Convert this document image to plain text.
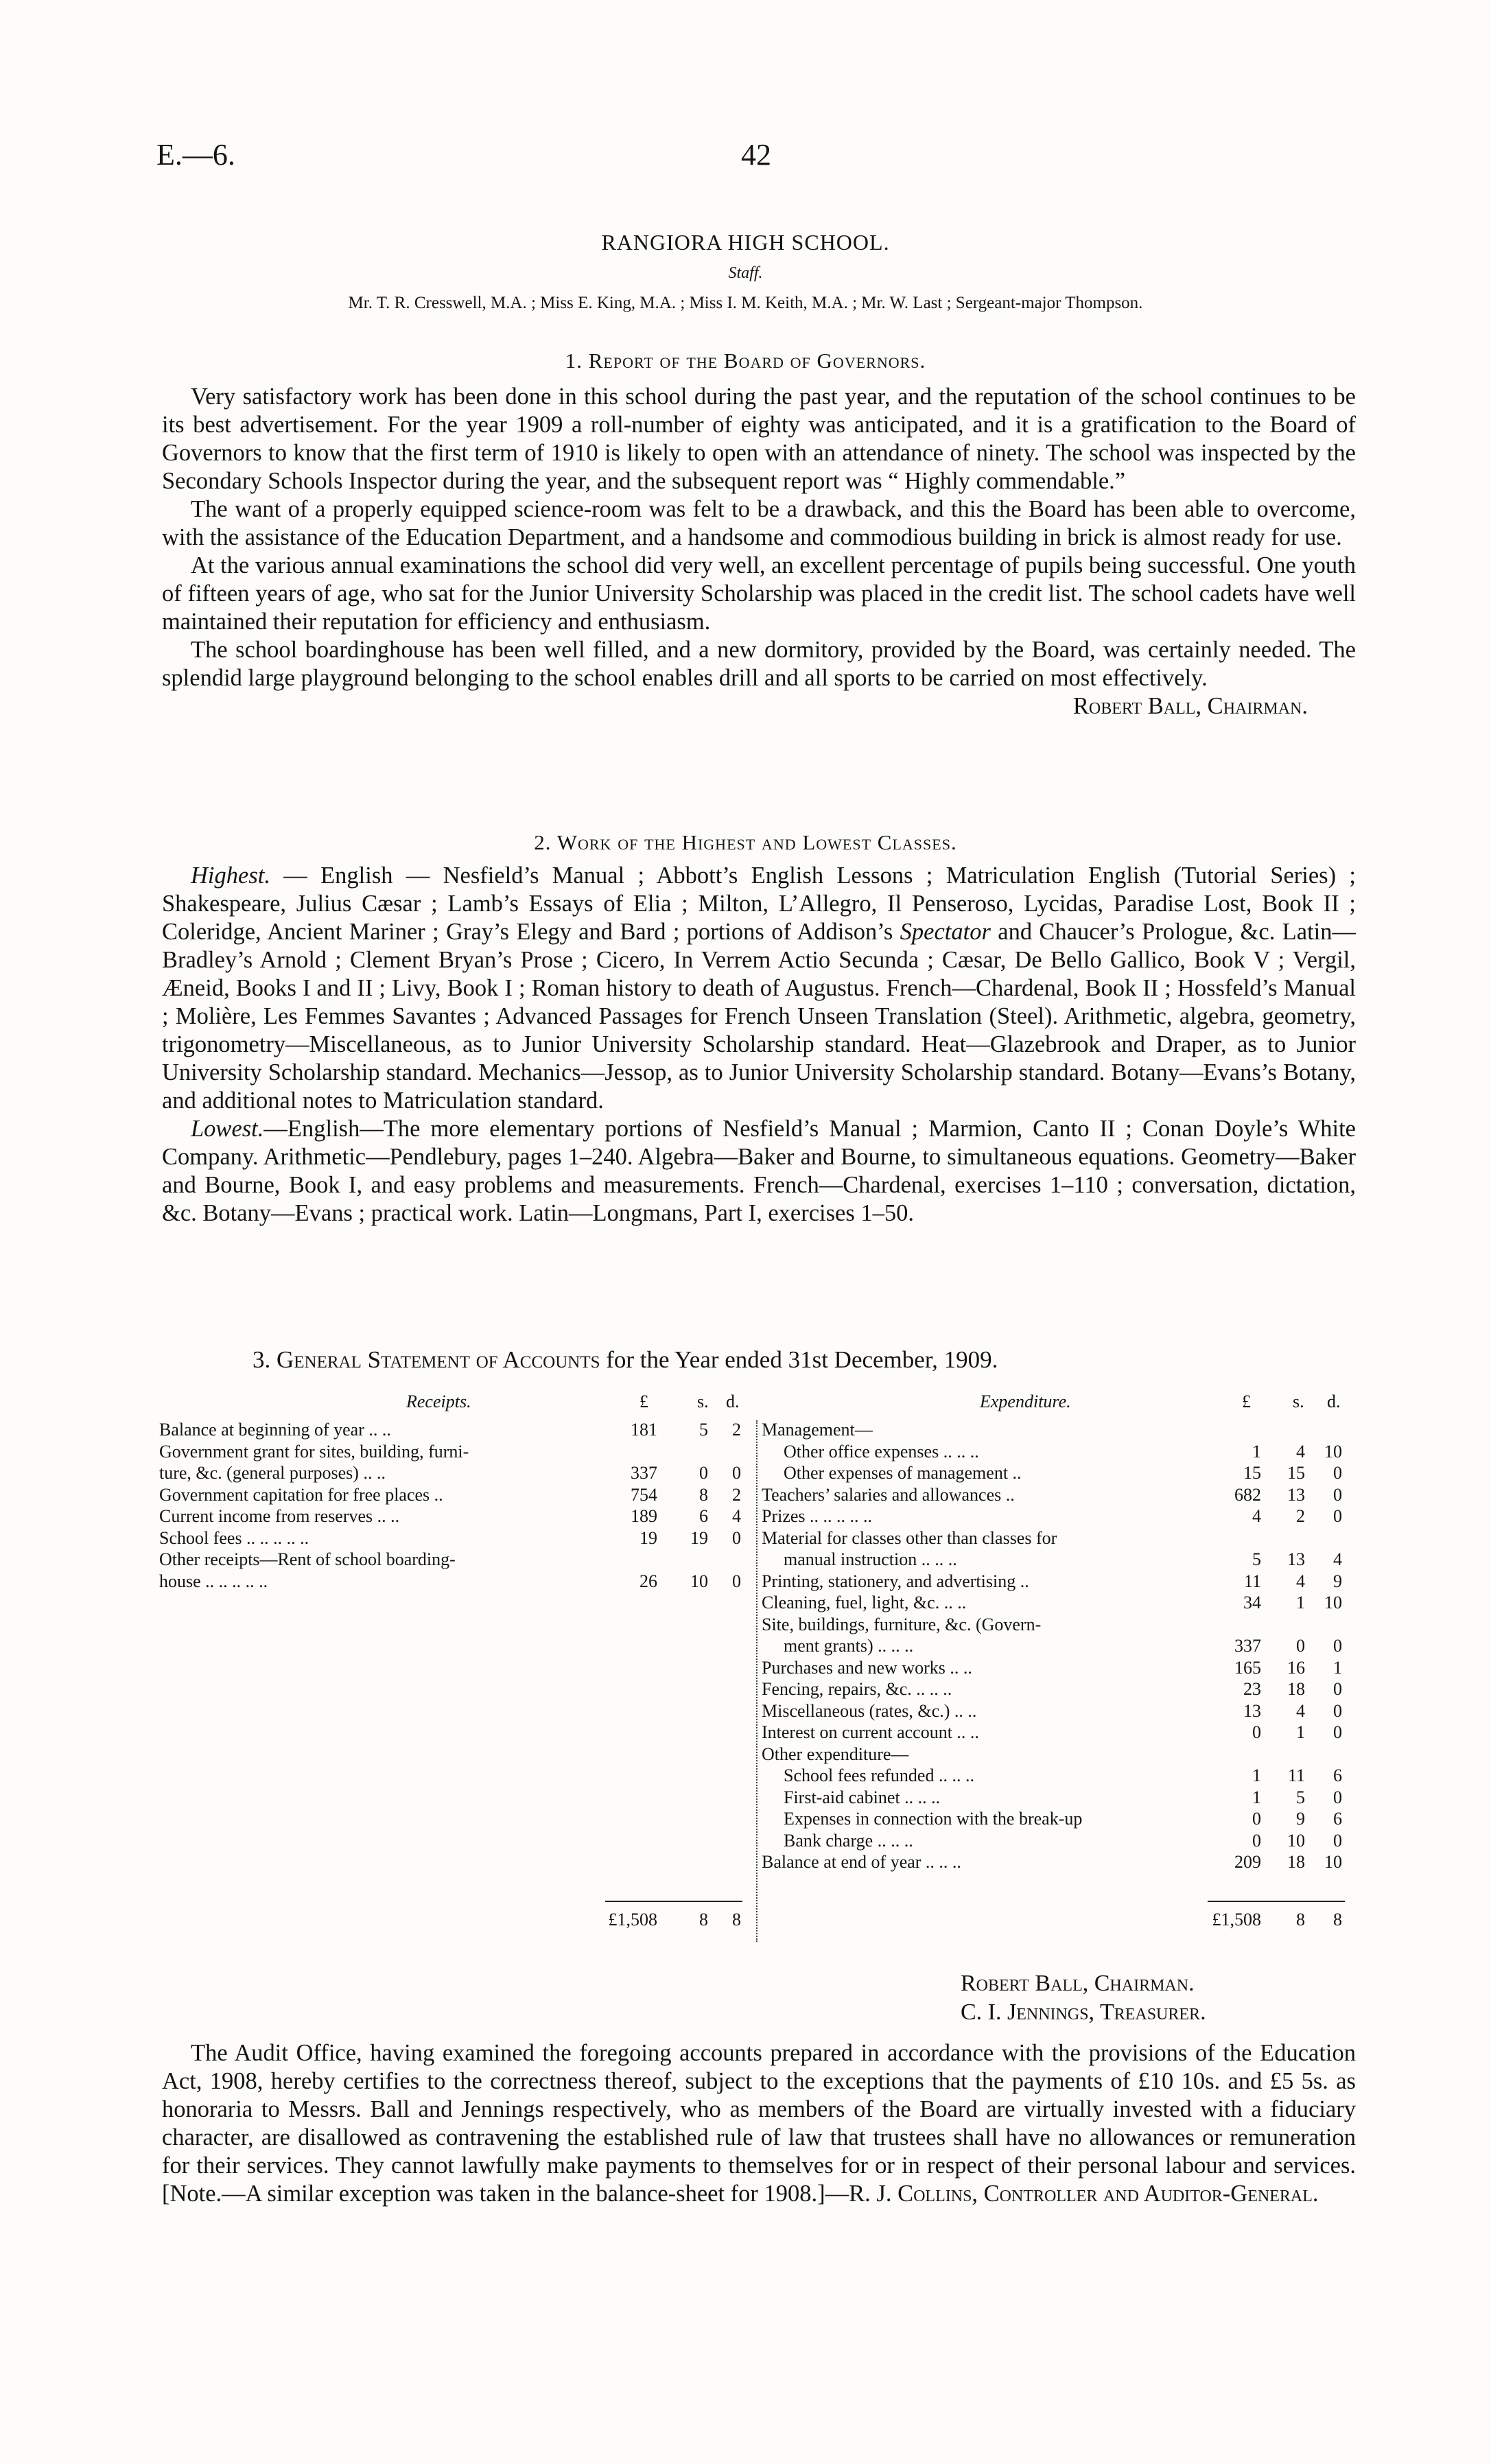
E.—6.	42
RANGIORA HIGH SCHOOL.
Staff.
Mr. T. R. Cresswell, M.A. ; Miss E. King, M.A. ; Miss I. M. Keith, M.A. ; Mr. W. Last ; Sergeant-major Thompson.
1. Report of the Board of Governors.

Very satisfactory work has been done in this school during the past year, and the reputation of the school continues to be its best advertisement. For the year 1909 a roll-number of eighty was anticipated, and it is a gratification to the Board of Governors to know that the first term of 1910 is likely to open with an attendance of ninety. The school was inspected by the Secondary Schools Inspector during the year, and the subsequent report was “ Highly commendable.”

The want of a properly equipped science-room was felt to be a drawback, and this the Board has been able to overcome, with the assistance of the Education Department, and a handsome and commodious building in brick is almost ready for use.

At the various annual examinations the school did very well, an excellent percentage of pupils being successful. One youth of fifteen years of age, who sat for the Junior University Scholarship was placed in the credit list. The school cadets have well maintained their reputation for efficiency and enthusiasm.

The school boardinghouse has been well filled, and a new dormitory, provided by the Board, was certainly needed. The splendid large playground belonging to the school enables drill and all sports to be carried on most effectively.

Robert Ball, Chairman.
2. Work of the Highest and Lowest Classes.

Highest. — English — Nesfield’s Manual ; Abbott’s English Lessons ; Matriculation English (Tutorial Series) ; Shakespeare, Julius Cæsar ; Lamb’s Essays of Elia ; Milton, L’Allegro, Il Penseroso, Lycidas, Paradise Lost, Book II ; Coleridge, Ancient Mariner ; Gray’s Elegy and Bard ; portions of Addison’s Spectator and Chaucer’s Prologue, &c. Latin—Bradley’s Arnold ; Clement Bryan’s Prose ; Cicero, In Verrem Actio Secunda ; Cæsar, De Bello Gallico, Book V ; Vergil, Æneid, Books I and II ; Livy, Book I ; Roman history to death of Augustus. French—Chardenal, Book II ; Hossfeld’s Manual ; Molière, Les Femmes Savantes ; Advanced Passages for French Unseen Translation (Steel). Arithmetic, algebra, geometry, trigonometry—Miscellaneous, as to Junior University Scholarship standard. Heat—Glazebrook and Draper, as to Junior University Scholarship standard. Mechanics—Jessop, as to Junior University Scholarship standard. Botany—Evans’s Botany, and additional notes to Matriculation standard.

Lowest.—English—The more elementary portions of Nesfield’s Manual ; Marmion, Canto II ; Conan Doyle’s White Company. Arithmetic—Pendlebury, pages 1–240. Algebra—Baker and Bourne, to simultaneous equations. Geometry—Baker and Bourne, Book I, and easy problems and measurements. French—Chardenal, exercises 1–110 ; conversation, dictation, &c. Botany—Evans ; practical work. Latin—Longmans, Part I, exercises 1–50.

3. General Statement of Accounts for the Year ended 31st December, 1909.
Receipts.	£	s. d.	Expenditure.	£ s. d.
Balance at beginning of year .. ..	181	5	2
Government grant for sites, building, furni-
ture, &c. (general purposes) .. ..	337	0	0
Government capitation for free places ..	754	8	2
Current income from reserves .. ..	189	6	4
School fees .. .. .. .. ..	19	19	0
Other receipts—Rent of school boarding-
house .. .. .. .. ..	26	10	0
Management—
Other office expenses .. .. ..	1	4	10
Other expenses of management ..	15	15	0
Teachers’ salaries and allowances ..	682	13	0
Prizes .. .. .. .. ..	4	2	0
Material for classes other than classes for
manual instruction .. .. ..	5	13	4
Printing, stationery, and advertising ..	11	4	9
Cleaning, fuel, light, &c. .. ..	34	1	10
Site, buildings, furniture, &c. (Govern-
ment grants) .. .. ..	337	0	0
Purchases and new works .. ..	165	16	1
Fencing, repairs, &c. .. .. ..	23	18	0
Miscellaneous (rates, &c.) .. ..	13	4	0
Interest on current account .. ..	0	1	0
Other expenditure—
School fees refunded .. .. ..	1	11	6
First-aid cabinet .. .. ..	1	5	0
Expenses in connection with the break-up	0	9	6
Bank charge .. .. ..	0	10	0
Balance at end of year .. .. ..	209	18	10
£1,508	8	8	£1,508	8	8
Robert Ball, Chairman.
C. I. Jennings, Treasurer.

The Audit Office, having examined the foregoing accounts prepared in accordance with the provisions of the Education Act, 1908, hereby certifies to the correctness thereof, subject to the exceptions that the payments of £10 10s. and £5 5s. as honoraria to Messrs. Ball and Jennings respectively, who as members of the Board are virtually invested with a fiduciary character, are disallowed as contravening the established rule of law that trustees shall have no allowances or remuneration for their services. They cannot lawfully make payments to themselves for or in respect of their personal labour and services. [Note.—A similar exception was taken in the balance-sheet for 1908.]—R. J. Collins, Controller and Auditor-General.
